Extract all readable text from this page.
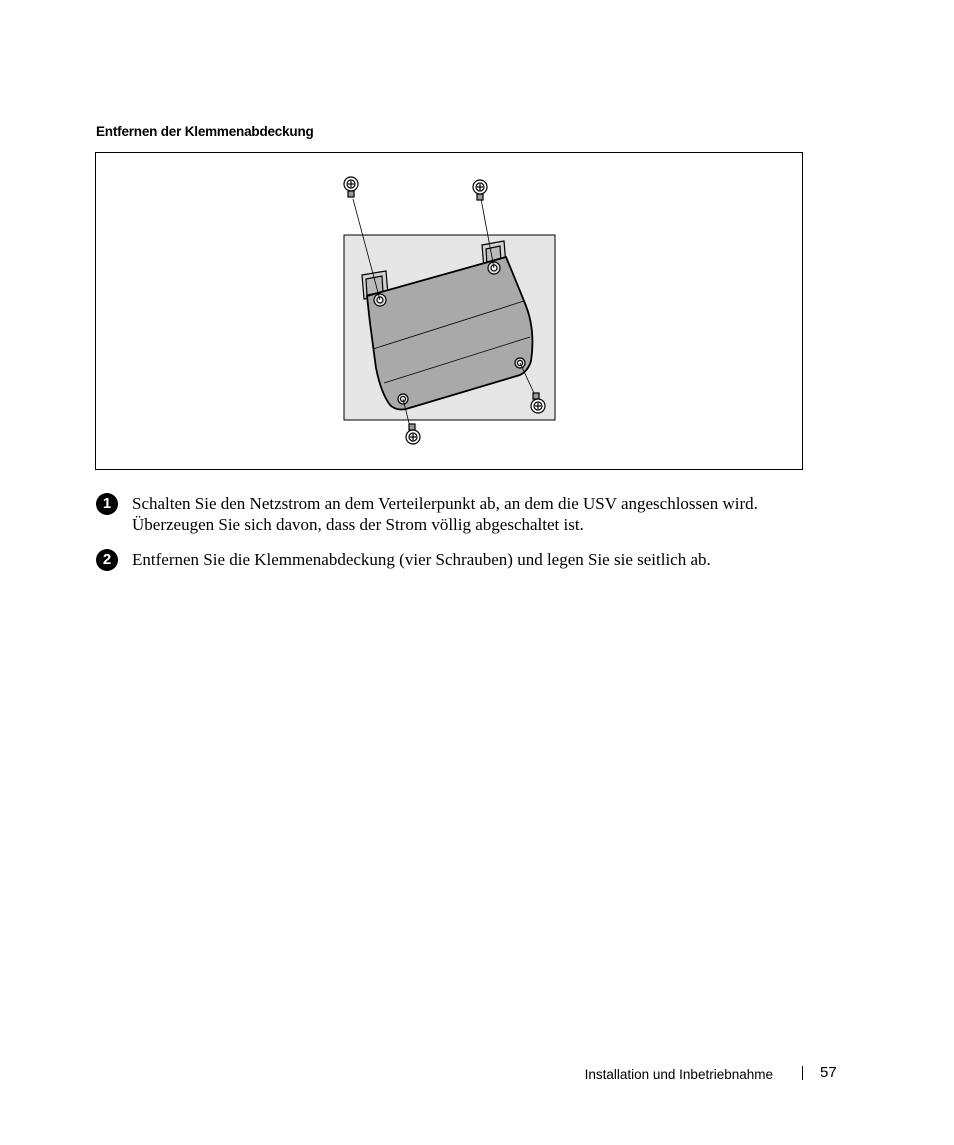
Entfernen der Klemmenabdeckung
1	Schalten Sie den Netzstrom an dem Verteilerpunkt ab, an dem die USV angeschlossen wird. Überzeugen Sie sich davon, dass der Strom völlig abgeschaltet ist.
2	Entfernen Sie die Klemmenabdeckung (vier Schrauben) und legen Sie sie seitlich ab.
Installation und Inbetriebnahme	57
